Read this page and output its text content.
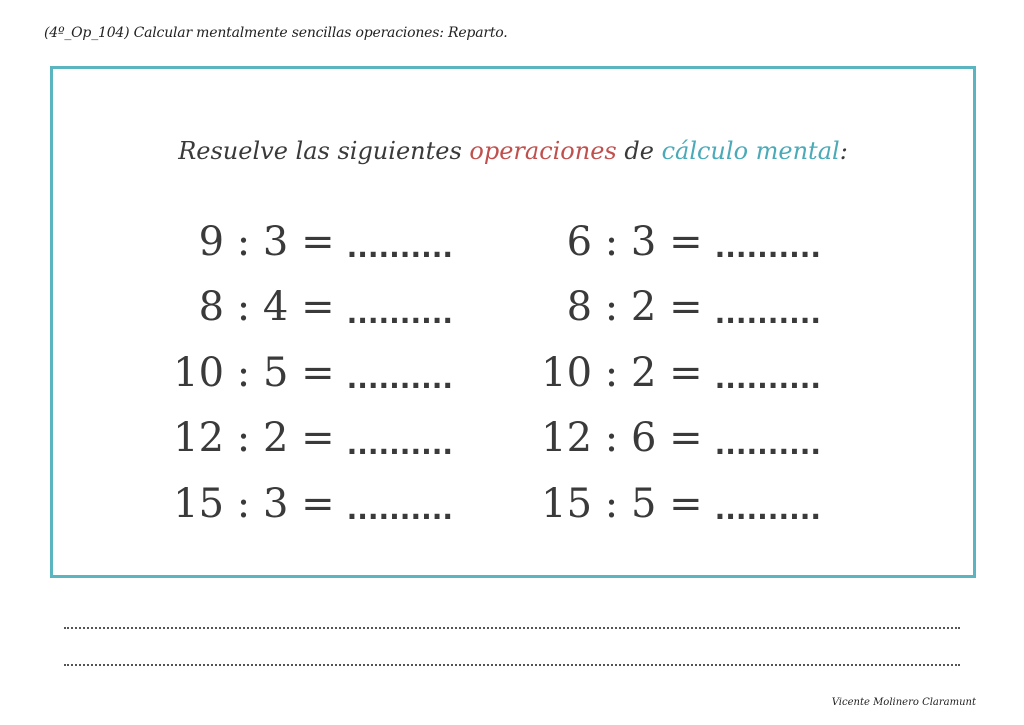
(4º_Op_104) Calcular mentalmente sencillas operaciones: Reparto.
Resuelve las siguientes operaciones de cálculo mental:
9 : 3 = ..........
8 : 4 = ..........
10 : 5 = ..........
12 : 2 = ..........
15 : 3 = ..........
6 : 3 = ..........
8 : 2 = ..........
10 : 2 = ..........
12 : 6 = ..........
15 : 5 = ..........
Vicente Molinero Claramunt
